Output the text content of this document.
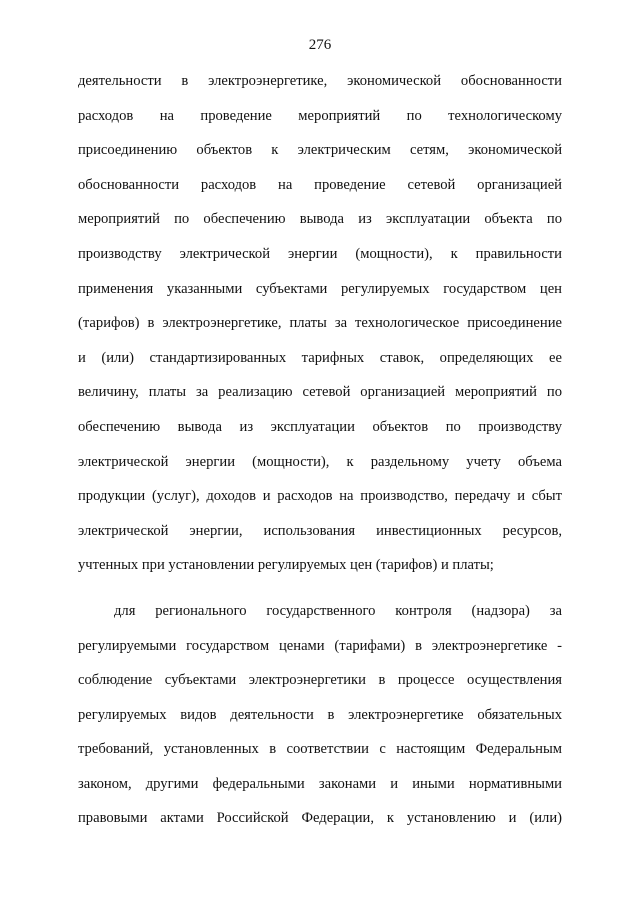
276
деятельности в электроэнергетике, экономической обоснованности
расходов на проведение мероприятий по технологическому
присоединению объектов к электрическим сетям, экономической
обоснованности расходов на проведение сетевой организацией
мероприятий по обеспечению вывода из эксплуатации объекта по
производству электрической энергии (мощности), к правильности
применения указанными субъектами регулируемых государством цен
(тарифов) в электроэнергетике, платы за технологическое присоединение
и (или) стандартизированных тарифных ставок, определяющих ее
величину, платы за реализацию сетевой организацией мероприятий по
обеспечению вывода из эксплуатации объектов по производству
электрической энергии (мощности), к раздельному учету объема
продукции (услуг), доходов и расходов на производство, передачу и сбыт
электрической энергии, использования инвестиционных ресурсов,
учтенных при установлении регулируемых цен (тарифов) и платы;
для регионального государственного контроля (надзора) за
регулируемыми государством ценами (тарифами) в электроэнергетике -
соблюдение субъектами электроэнергетики в процессе осуществления
регулируемых видов деятельности в электроэнергетике обязательных
требований, установленных в соответствии с настоящим Федеральным
законом, другими федеральными законами и иными нормативными
правовыми актами Российской Федерации, к установлению и (или)
